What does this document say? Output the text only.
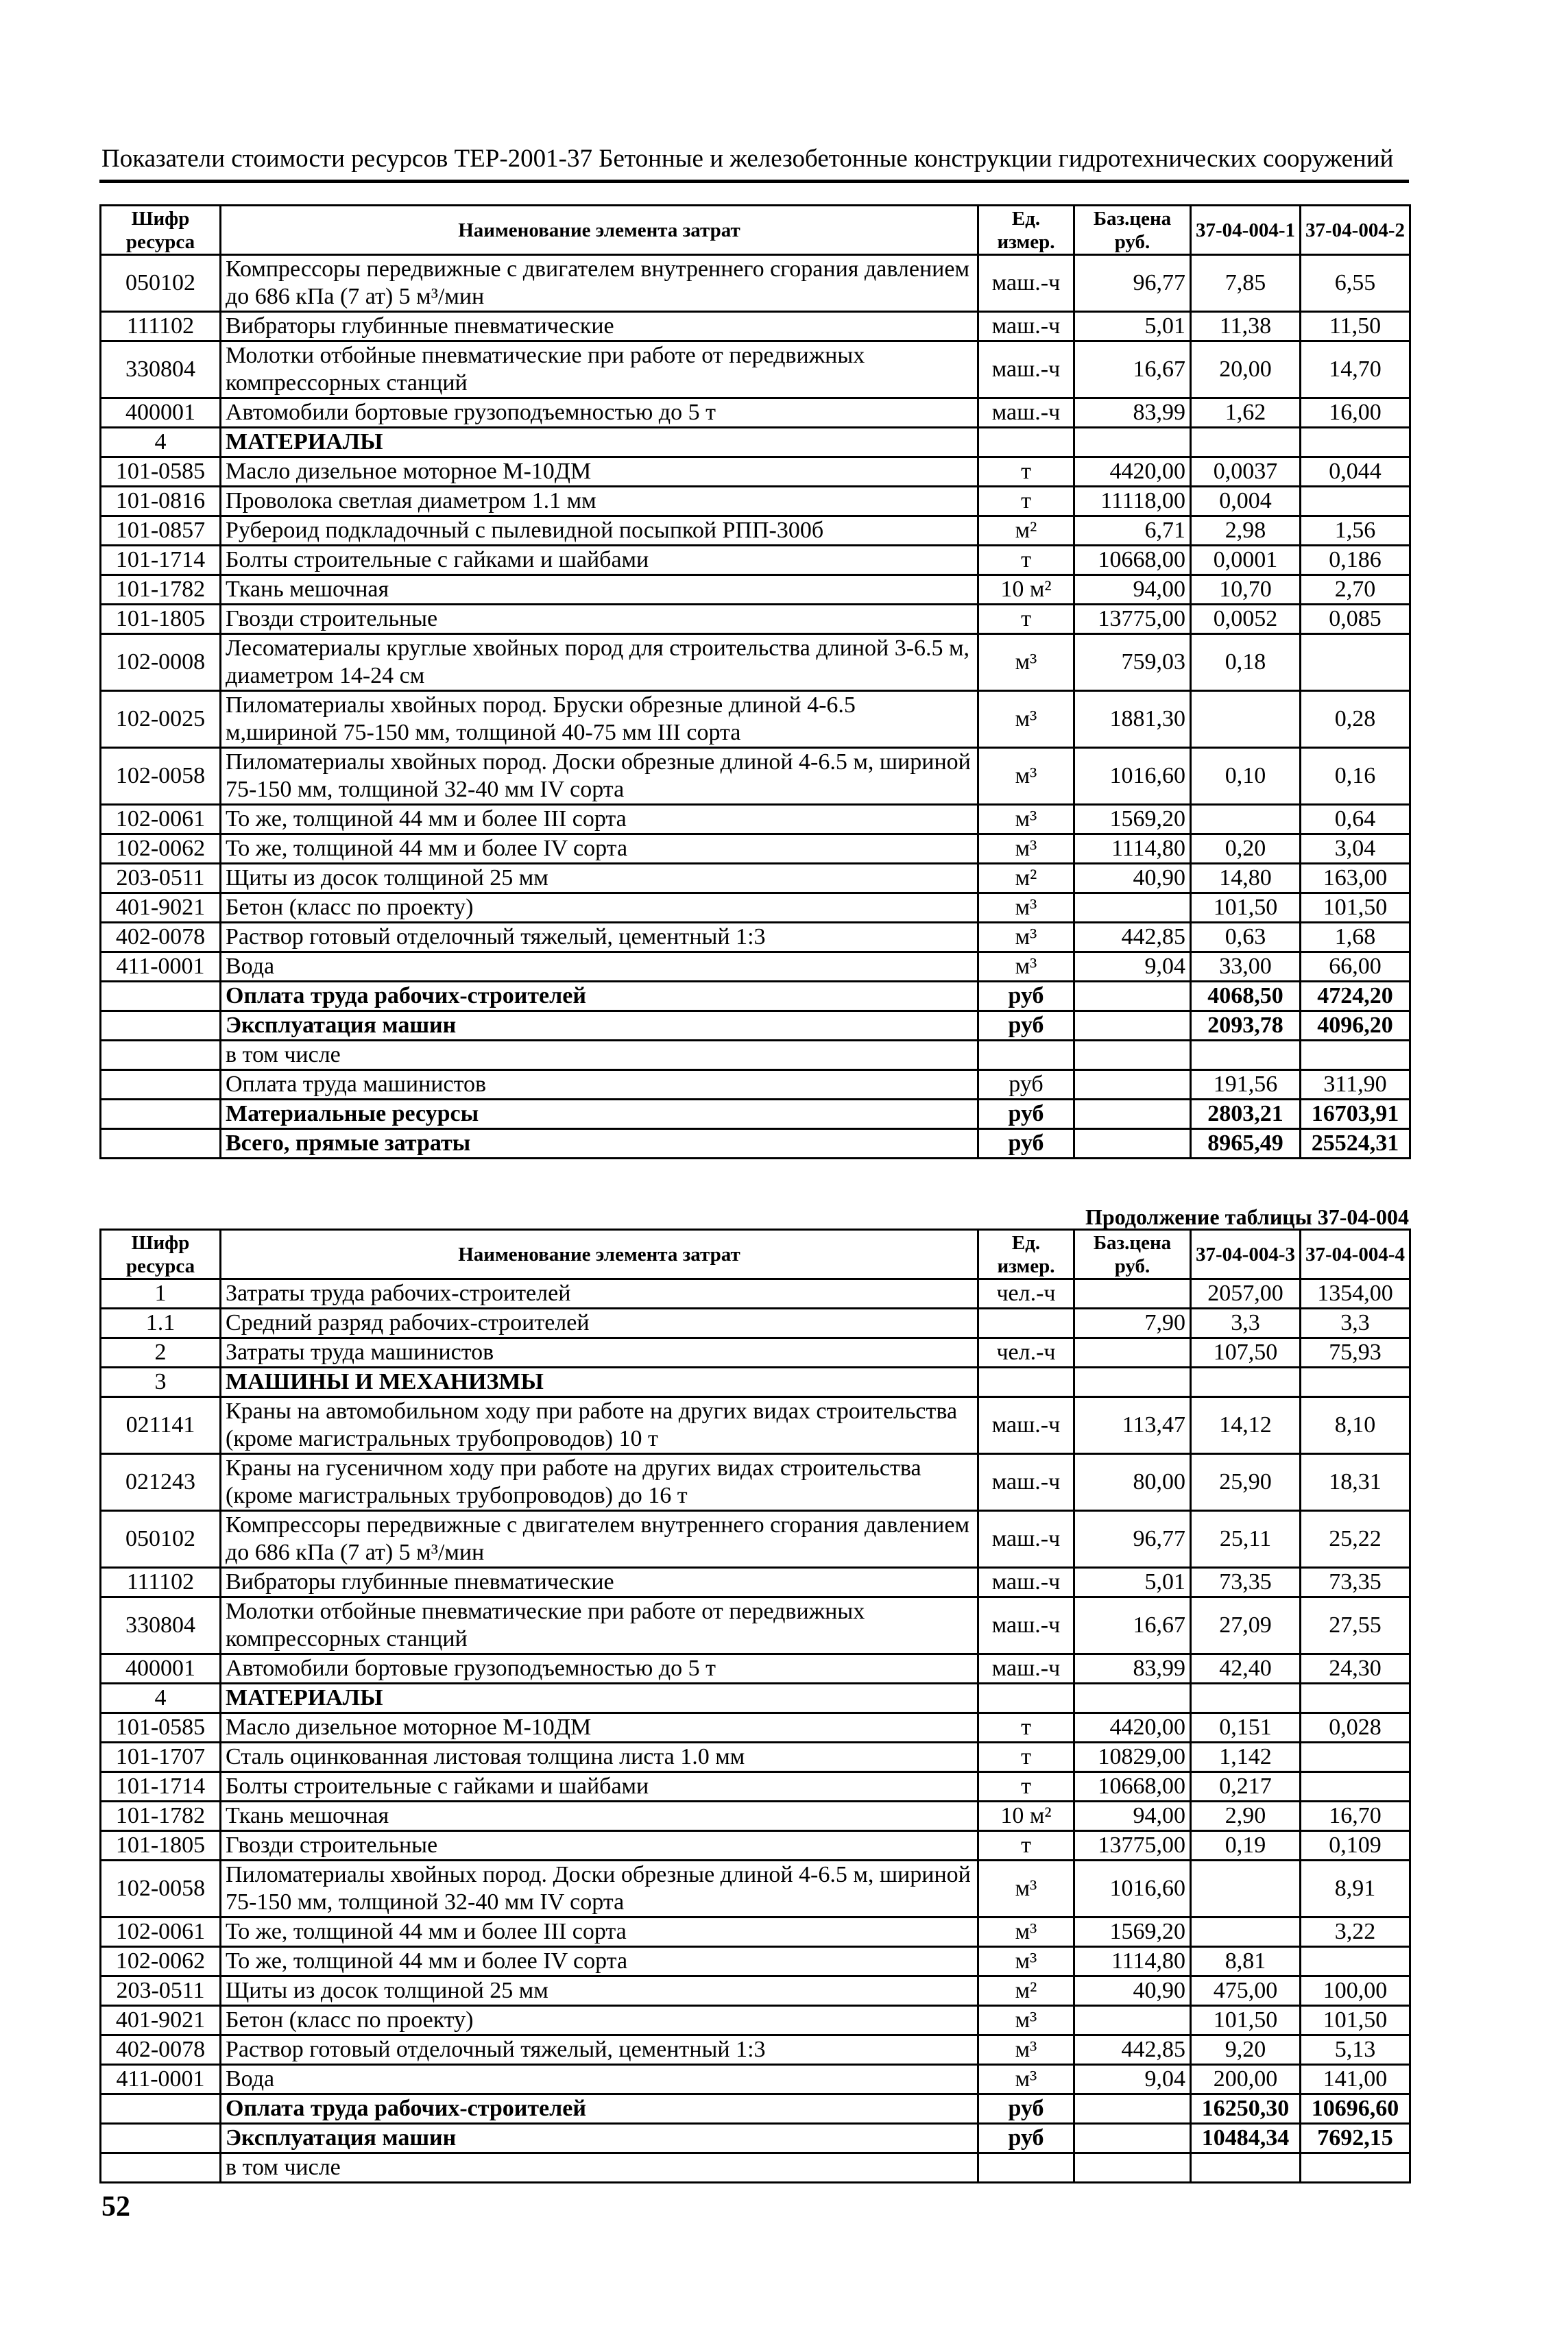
Показатели стоимости ресурсов ТЕР-2001-37 Бетонные и железобетонные конструкции гидротехнических сооружений
Шифр ресурса	Наименование элемента затрат	Ед. измер.	Баз.цена руб.	37-04-004-1	37-04-004-2
050102	Компрессоры передвижные с двигателем внутреннего сгорания давлением до 686 кПа (7 ат) 5 м³/мин	маш.-ч	96,77	7,85	6,55
111102	Вибраторы глубинные пневматические	маш.-ч	5,01	11,38	11,50
330804	Молотки отбойные пневматические при работе от передвижных компрессорных станций	маш.-ч	16,67	20,00	14,70
400001	Автомобили бортовые грузоподъемностью до 5 т	маш.-ч	83,99	1,62	16,00
4	МАТЕРИАЛЫ				
101-0585	Масло дизельное моторное М-10ДМ	т	4420,00	0,0037	0,044
101-0816	Проволока светлая диаметром 1.1 мм	т	11118,00	0,004	
101-0857	Рубероид подкладочный с пылевидной посыпкой РПП-300б	м²	6,71	2,98	1,56
101-1714	Болты строительные с гайками и шайбами	т	10668,00	0,0001	0,186
101-1782	Ткань мешочная	10 м²	94,00	10,70	2,70
101-1805	Гвозди строительные	т	13775,00	0,0052	0,085
102-0008	Лесоматериалы круглые хвойных пород для строительства длиной 3-6.5 м, диаметром 14-24 см	м³	759,03	0,18	
102-0025	Пиломатериалы хвойных пород. Бруски обрезные длиной 4-6.5 м,шириной 75-150 мм, толщиной 40-75 мм III сорта	м³	1881,30		0,28
102-0058	Пиломатериалы хвойных пород. Доски обрезные длиной 4-6.5 м, шириной 75-150 мм, толщиной 32-40 мм IV сорта	м³	1016,60	0,10	0,16
102-0061	То же, толщиной 44 мм и более III сорта	м³	1569,20		0,64
102-0062	То же, толщиной 44 мм и более IV сорта	м³	1114,80	0,20	3,04
203-0511	Щиты из досок толщиной 25 мм	м²	40,90	14,80	163,00
401-9021	Бетон (класс по проекту)	м³		101,50	101,50
402-0078	Раствор готовый отделочный тяжелый, цементный 1:3	м³	442,85	0,63	1,68
411-0001	Вода	м³	9,04	33,00	66,00
	Оплата труда рабочих-строителей	руб		4068,50	4724,20
	Эксплуатация машин	руб		2093,78	4096,20
	в том числе				
	Оплата труда машинистов	руб		191,56	311,90
	Материальные ресурсы	руб		2803,21	16703,91
	Всего, прямые затраты	руб		8965,49	25524,31
Продолжение таблицы 37-04-004
Шифр ресурса	Наименование элемента затрат	Ед. измер.	Баз.цена руб.	37-04-004-3	37-04-004-4
1	Затраты труда рабочих-строителей	чел.-ч		2057,00	1354,00
1.1	Средний разряд рабочих-строителей		7,90	3,3	3,3
2	Затраты труда машинистов	чел.-ч		107,50	75,93
3	МАШИНЫ И МЕХАНИЗМЫ				
021141	Краны на автомобильном ходу при работе на других видах строительства (кроме магистральных трубопроводов) 10 т	маш.-ч	113,47	14,12	8,10
021243	Краны на гусеничном ходу при работе на других видах строительства (кроме магистральных трубопроводов) до 16 т	маш.-ч	80,00	25,90	18,31
050102	Компрессоры передвижные с двигателем внутреннего сгорания давлением до 686 кПа (7 ат) 5 м³/мин	маш.-ч	96,77	25,11	25,22
111102	Вибраторы глубинные пневматические	маш.-ч	5,01	73,35	73,35
330804	Молотки отбойные пневматические при работе от передвижных компрессорных станций	маш.-ч	16,67	27,09	27,55
400001	Автомобили бортовые грузоподъемностью до 5 т	маш.-ч	83,99	42,40	24,30
4	МАТЕРИАЛЫ				
101-0585	Масло дизельное моторное М-10ДМ	т	4420,00	0,151	0,028
101-1707	Сталь оцинкованная листовая толщина листа 1.0 мм	т	10829,00	1,142	
101-1714	Болты строительные с гайками и шайбами	т	10668,00	0,217	
101-1782	Ткань мешочная	10 м²	94,00	2,90	16,70
101-1805	Гвозди строительные	т	13775,00	0,19	0,109
102-0058	Пиломатериалы хвойных пород. Доски обрезные длиной 4-6.5 м, шириной 75-150 мм, толщиной 32-40 мм IV сорта	м³	1016,60		8,91
102-0061	То же, толщиной 44 мм и более III сорта	м³	1569,20		3,22
102-0062	То же, толщиной 44 мм и более IV сорта	м³	1114,80	8,81	
203-0511	Щиты из досок толщиной 25 мм	м²	40,90	475,00	100,00
401-9021	Бетон (класс по проекту)	м³		101,50	101,50
402-0078	Раствор готовый отделочный тяжелый, цементный 1:3	м³	442,85	9,20	5,13
411-0001	Вода	м³	9,04	200,00	141,00
	Оплата труда рабочих-строителей	руб		16250,30	10696,60
	Эксплуатация машин	руб		10484,34	7692,15
	в том числе				
52
